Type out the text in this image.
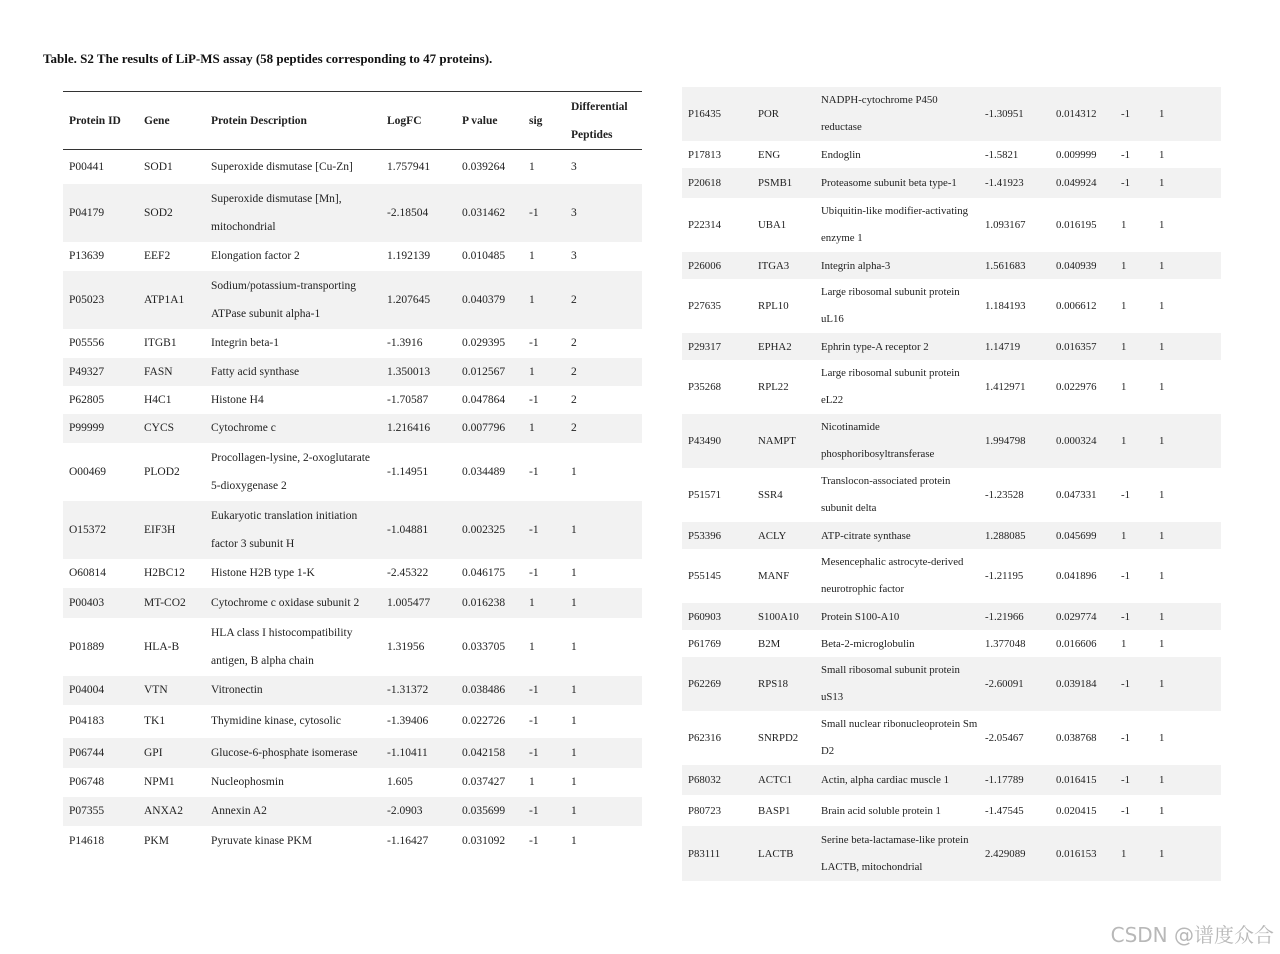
Table. S2 The results of LiP-MS assay (58 peptides corresponding to 47 proteins).
Protein ID	Gene	Protein Description	LogFC	P value	sig	Differential Peptides
P00441	SOD1	Superoxide dismutase [Cu-Zn]	1.757941	0.039264	1	3
P04179	SOD2	Superoxide dismutase [Mn], mitochondrial	-2.18504	0.031462	-1	3
P13639	EEF2	Elongation factor 2	1.192139	0.010485	1	3
P05023	ATP1A1	Sodium/potassium-transporting ATPase subunit alpha-1	1.207645	0.040379	1	2
P05556	ITGB1	Integrin beta-1	-1.3916	0.029395	-1	2
P49327	FASN	Fatty acid synthase	1.350013	0.012567	1	2
P62805	H4C1	Histone H4	-1.70587	0.047864	-1	2
P99999	CYCS	Cytochrome c	1.216416	0.007796	1	2
O00469	PLOD2	Procollagen-lysine, 2-oxoglutarate 5-dioxygenase 2	-1.14951	0.034489	-1	1
O15372	EIF3H	Eukaryotic translation initiation factor 3 subunit H	-1.04881	0.002325	-1	1
O60814	H2BC12	Histone H2B type 1-K	-2.45322	0.046175	-1	1
P00403	MT-CO2	Cytochrome c oxidase subunit 2	1.005477	0.016238	1	1
P01889	HLA-B	HLA class I histocompatibility antigen, B alpha chain	1.31956	0.033705	1	1
P04004	VTN	Vitronectin	-1.31372	0.038486	-1	1
P04183	TK1	Thymidine kinase, cytosolic	-1.39406	0.022726	-1	1
P06744	GPI	Glucose-6-phosphate isomerase	-1.10411	0.042158	-1	1
P06748	NPM1	Nucleophosmin	1.605	0.037427	1	1
P07355	ANXA2	Annexin A2	-2.0903	0.035699	-1	1
P14618	PKM	Pyruvate kinase PKM	-1.16427	0.031092	-1	1
P16435	POR	NADPH-cytochrome P450 reductase	-1.30951	0.014312	-1	1
P17813	ENG	Endoglin	-1.5821	0.009999	-1	1
P20618	PSMB1	Proteasome subunit beta type-1	-1.41923	0.049924	-1	1
P22314	UBA1	Ubiquitin-like modifier-activating enzyme 1	1.093167	0.016195	1	1
P26006	ITGA3	Integrin alpha-3	1.561683	0.040939	1	1
P27635	RPL10	Large ribosomal subunit protein uL16	1.184193	0.006612	1	1
P29317	EPHA2	Ephrin type-A receptor 2	1.14719	0.016357	1	1
P35268	RPL22	Large ribosomal subunit protein eL22	1.412971	0.022976	1	1
P43490	NAMPT	Nicotinamide phosphoribosyltransferase	1.994798	0.000324	1	1
P51571	SSR4	Translocon-associated protein subunit delta	-1.23528	0.047331	-1	1
P53396	ACLY	ATP-citrate synthase	1.288085	0.045699	1	1
P55145	MANF	Mesencephalic astrocyte-derived neurotrophic factor	-1.21195	0.041896	-1	1
P60903	S100A10	Protein S100-A10	-1.21966	0.029774	-1	1
P61769	B2M	Beta-2-microglobulin	1.377048	0.016606	1	1
P62269	RPS18	Small ribosomal subunit protein uS13	-2.60091	0.039184	-1	1
P62316	SNRPD2	Small nuclear ribonucleoprotein Sm D2	-2.05467	0.038768	-1	1
P68032	ACTC1	Actin, alpha cardiac muscle 1	-1.17789	0.016415	-1	1
P80723	BASP1	Brain acid soluble protein 1	-1.47545	0.020415	-1	1
P83111	LACTB	Serine beta-lactamase-like protein LACTB, mitochondrial	2.429089	0.016153	1	1
CSDN @谱度众合
